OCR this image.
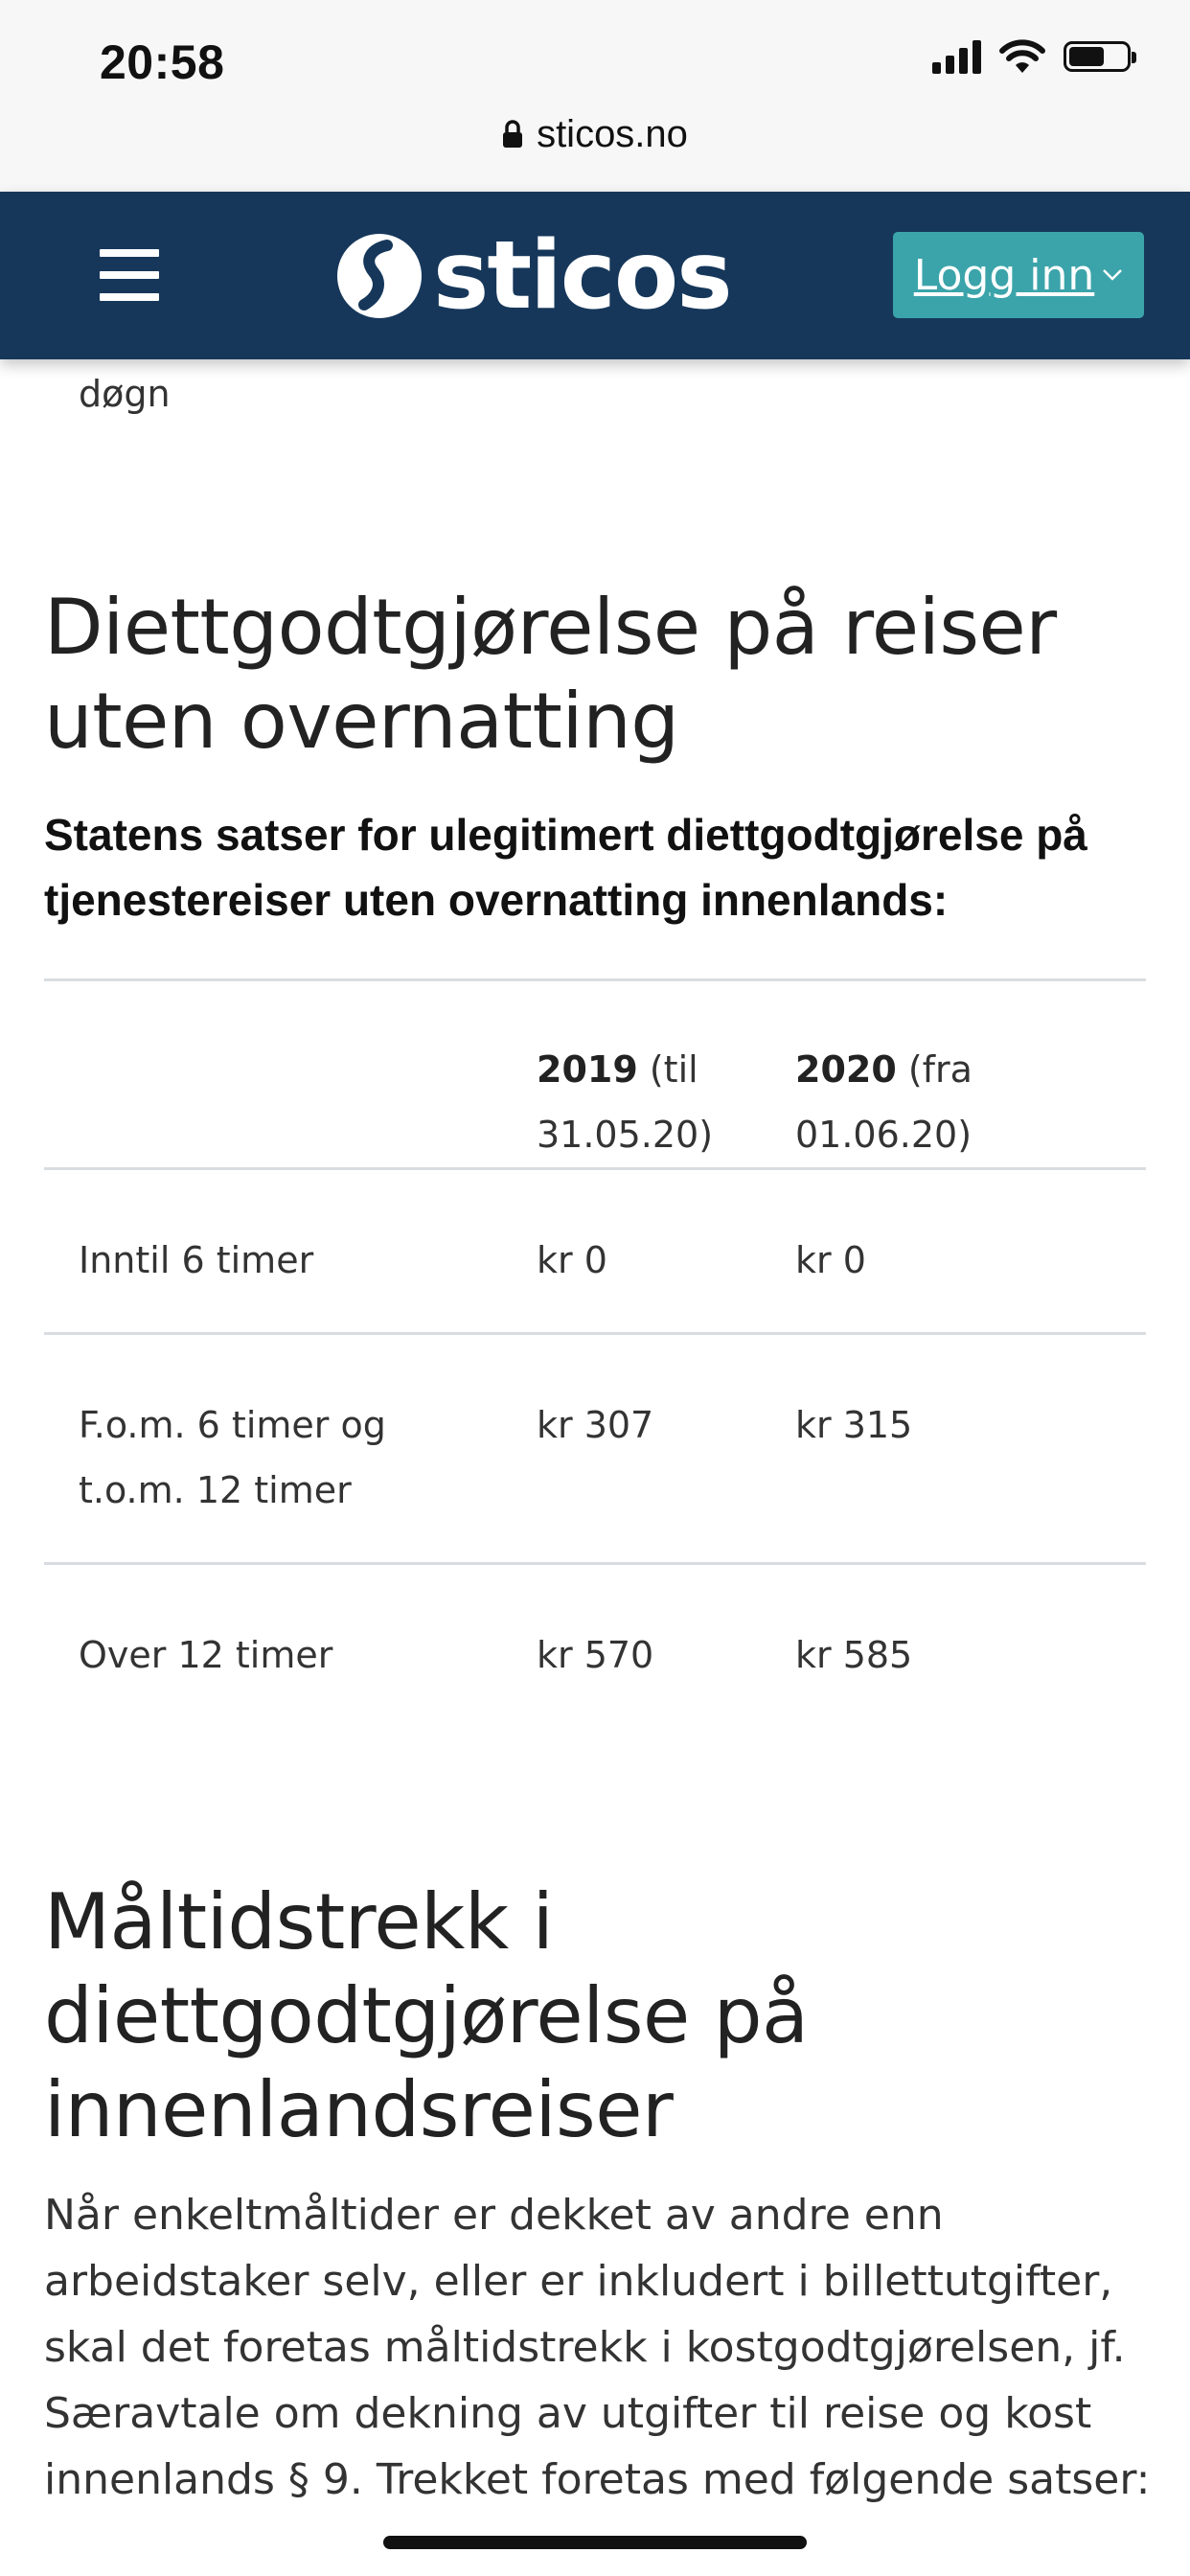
20:58
sticos.no
sticos	Logg inn
døgn
Diettgodtgjørelse på reiser
uten overnatting

Statens satser for ulegitimert diettgodtgjørelse på tjenestereiser uten overnatting innenlands:

	2019 (til 31.05.20)	2020 (fra 01.06.20)
Inntil 6 timer	kr 0	kr 0
F.o.m. 6 timer og t.o.m. 12 timer	kr 307	kr 315
Over 12 timer	kr 570	kr 585
Måltidstrekk i
diettgodtgjørelse på
innenlandsreiser

Når enkeltmåltider er dekket av andre enn arbeidstaker selv, eller er inkludert i billettutgifter, skal det foretas måltidstrekk i kostgodtgjørelsen, jf. Særavtale om dekning av utgifter til reise og kost innenlands § 9. Trekket foretas med følgende satser:
